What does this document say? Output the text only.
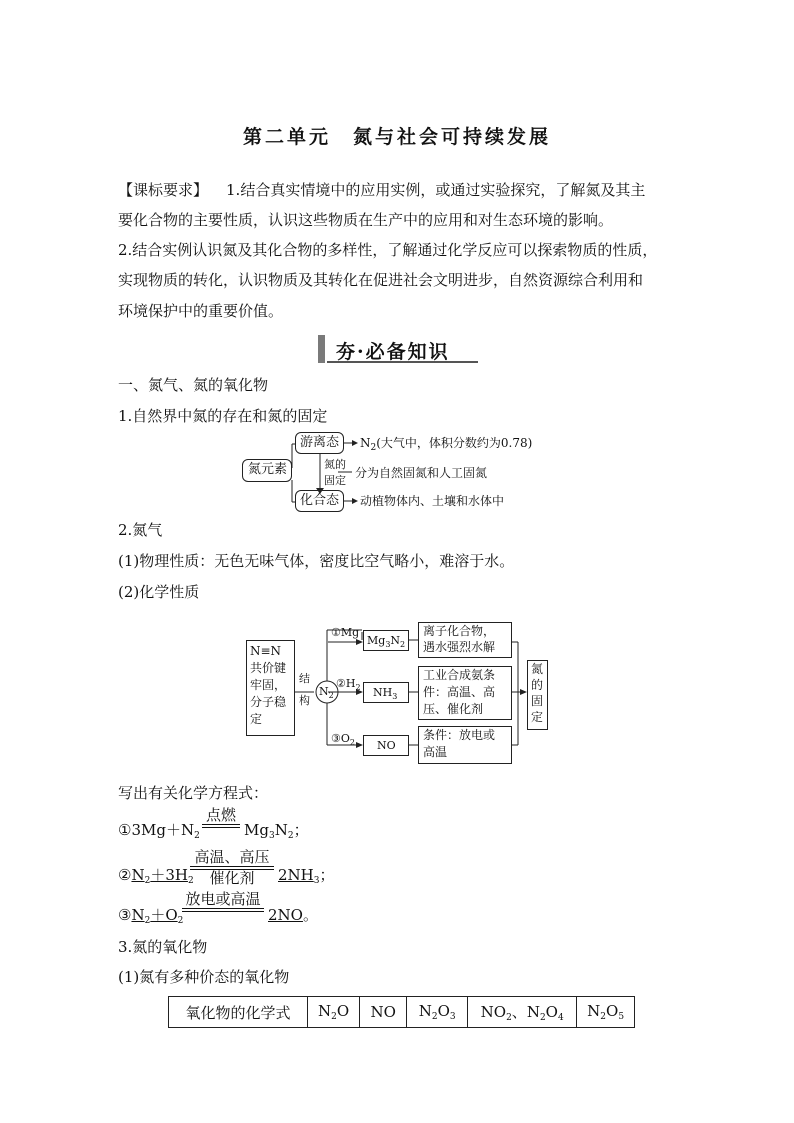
第二单元　氮与社会可持续发展
【课标要求】 1.结合真实情境中的应用实例，或通过实验探究，了解氮及其主
要化合物的主要性质，认识这些物质在生产中的应用和对生态环境的影响。
2.结合实例认识氮及其化合物的多样性，了解通过化学反应可以探索物质的性质，
实现物质的转化，认识物质及其转化在促进社会文明进步，自然资源综合利用和
环境保护中的重要价值。
夯·必备知识
一、氮气、氮的氧化物
1.自然界中氮的存在和氮的固定
氮元素
游离态 $N_2$(大气中，体积分数约为0.78)
氮的
固定
分为自然固氮和人工固氮
化合态 动植物体内、土壤和水体中
2.氮气
(1)物理性质：无色无味气体，密度比空气略小，难溶于水。
(2)化学性质
N≡N
共价键
牢固，
分子稳
定
结
构
$N_2$
①Mg
$Mg_3N_2$
离子化合物，
遇水强烈水解
$②H_2$ $NH_3$
工业合成氨条
件：高温、高
压、催化剂
$③O_2$ NO
条件：放电或
高温
氮
的
固
定
写出有关化学方程式：
$①3Mg+N_2$
点燃
$Mg_3N_2$；
$②N_2+3H_2$
高温、高压
催化剂	$2NH_3$；
$③N_2+O_2$
放电或高温
2NO。
3.氮的氧化物
(1)氮有多种价态的氧化物
氧化物的化学式	$N_2O$	NO	$N_2O_3$	$NO_2$、$N_2O_4$	$N_2O_5$
